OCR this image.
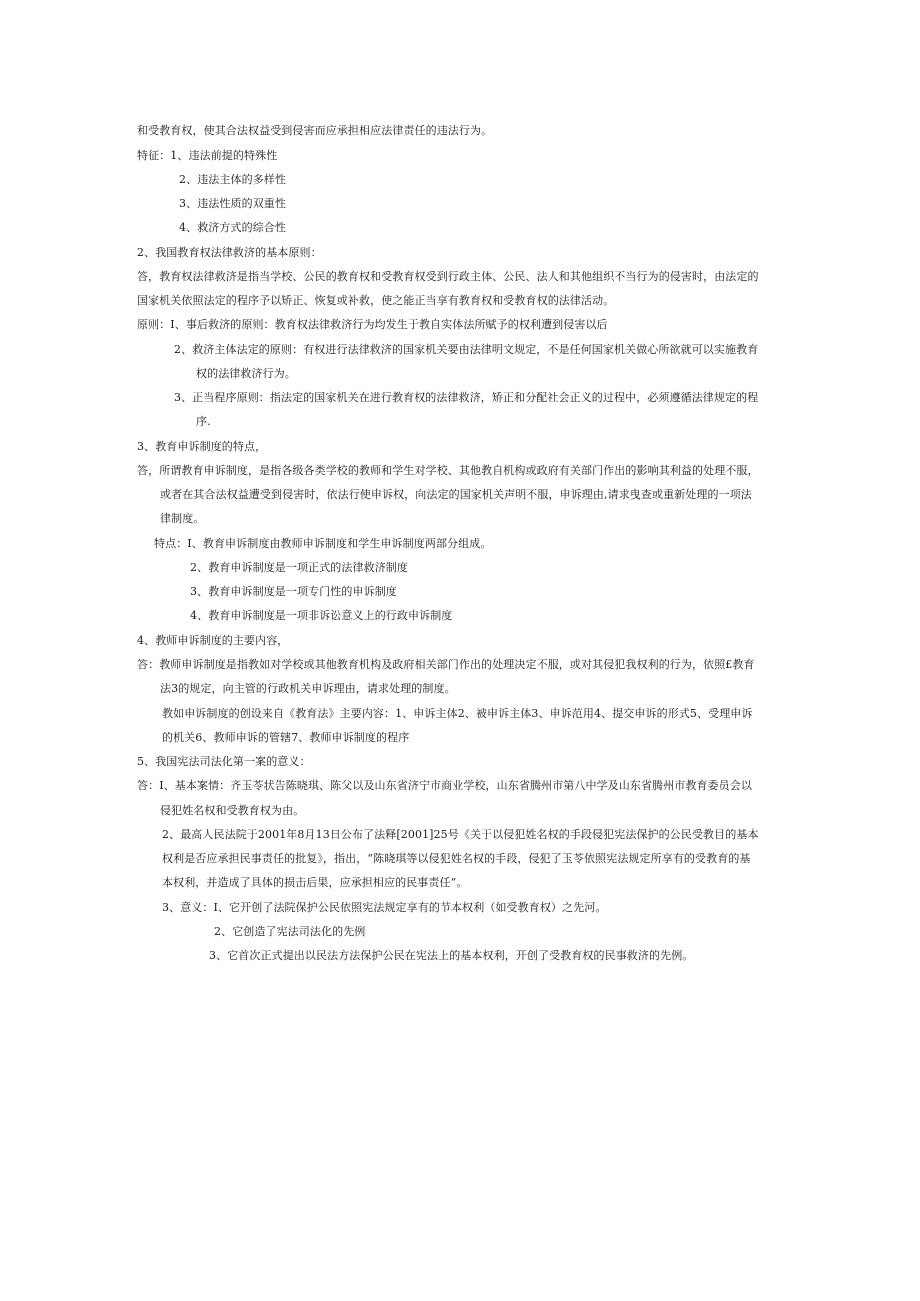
和受教育权，使其合法权益受到侵害而应承担相应法律责任的违法行为。
特征：1、违法前提的特殊性
2、违法主体的多样性
3、违法性质的双重性
4、救济方式的综合性
2、我国教育权法律救济的基本原则：
答，教育权法律救济是指当学校、公民的教育权和受教育权受到行政主体、公民、法人和其他组织不当行为的侵害时，由法定的
国家机关依照法定的程序予以矫正、恢复或补救，使之能正当享有教育权和受教育权的法律活动。
原则：I、事后救济的原则：教育权法律救济行为均发生于教自实体法所赋予的权利遭到侵害以后
2、救济主体法定的原则：有权进行法律救济的国家机关要由法律明文规定，不是任何国家机关做心所欲就可以实施教育
权的法律救济行为。
3、正当程序原则：指法定的国家机关在进行教育权的法律救济，矫正和分配社会正义的过程中，必须遵循法律规定的程
序.
3、教育申诉制度的特点，
答，所谓教育申诉制度，是指各级各类学校的教师和学生对学校、其他教自机构或政府有关部门作出的影响其利益的处理不服，
或者在其合法权益遭受到侵害时，依法行使申诉权，向法定的国家机关声明不服，申诉理由,请求曳查或重新处理的一项法
律制度。
特点：I、教育申诉制度由教师申诉制度和学生申诉制度两部分组成。
2、教育申诉制度是一项正式的法律救济制度
3、教育申诉制度是一项专门性的申诉制度
4、教育申诉制度是一项非诉讼意义上的行政申诉制度
4、教师申诉制度的主要内容，
答：教师申诉制度是指教如对学校或其他教育机构及政府相关部门作出的处理决定不服，或对其侵犯我权利的行为，依照£教育
法3的规定，向主管的行政机关申诉理由，请求处理的制度。
教如申诉制度的创设来自《教育法》主要内容：1、申诉主体2、被申诉主体3、申诉范用4、提交申诉的形式5、受理申诉
的机关6、教师申诉的管辖7、教师申诉制度的程序
5、我国宪法司法化第一案的意义：
答：I、基本案情：齐玉苓状告陈晓琪、陈父以及山东省济宁市商业学校，山东省腾州市第八中学及山东省腾州市教育委员会以
侵犯姓名权和受教育权为由。
2、最高人民法院于2001年8月13日公布了法释[2001]25号《关于以侵犯姓名权的手段侵犯宪法保护的公民受教目的基本
权利是否应承担民事责任的批复》，指出，“陈晓琪等以侵犯姓名权的手段，侵犯了玉苓依照宪法规定所享有的受教育的基
本权利，并造成了具体的损击后果，应承担相应的民事责任”。
3、意义：I、它开创了法院保护公民依照宪法规定享有的节本权利（如受教育权）之先河。
2、它创造了宪法司法化的先例
3、它首次正式提出以民法方法保护公民在宪法上的基本权利，开创了受教育权的民事救济的先例。
